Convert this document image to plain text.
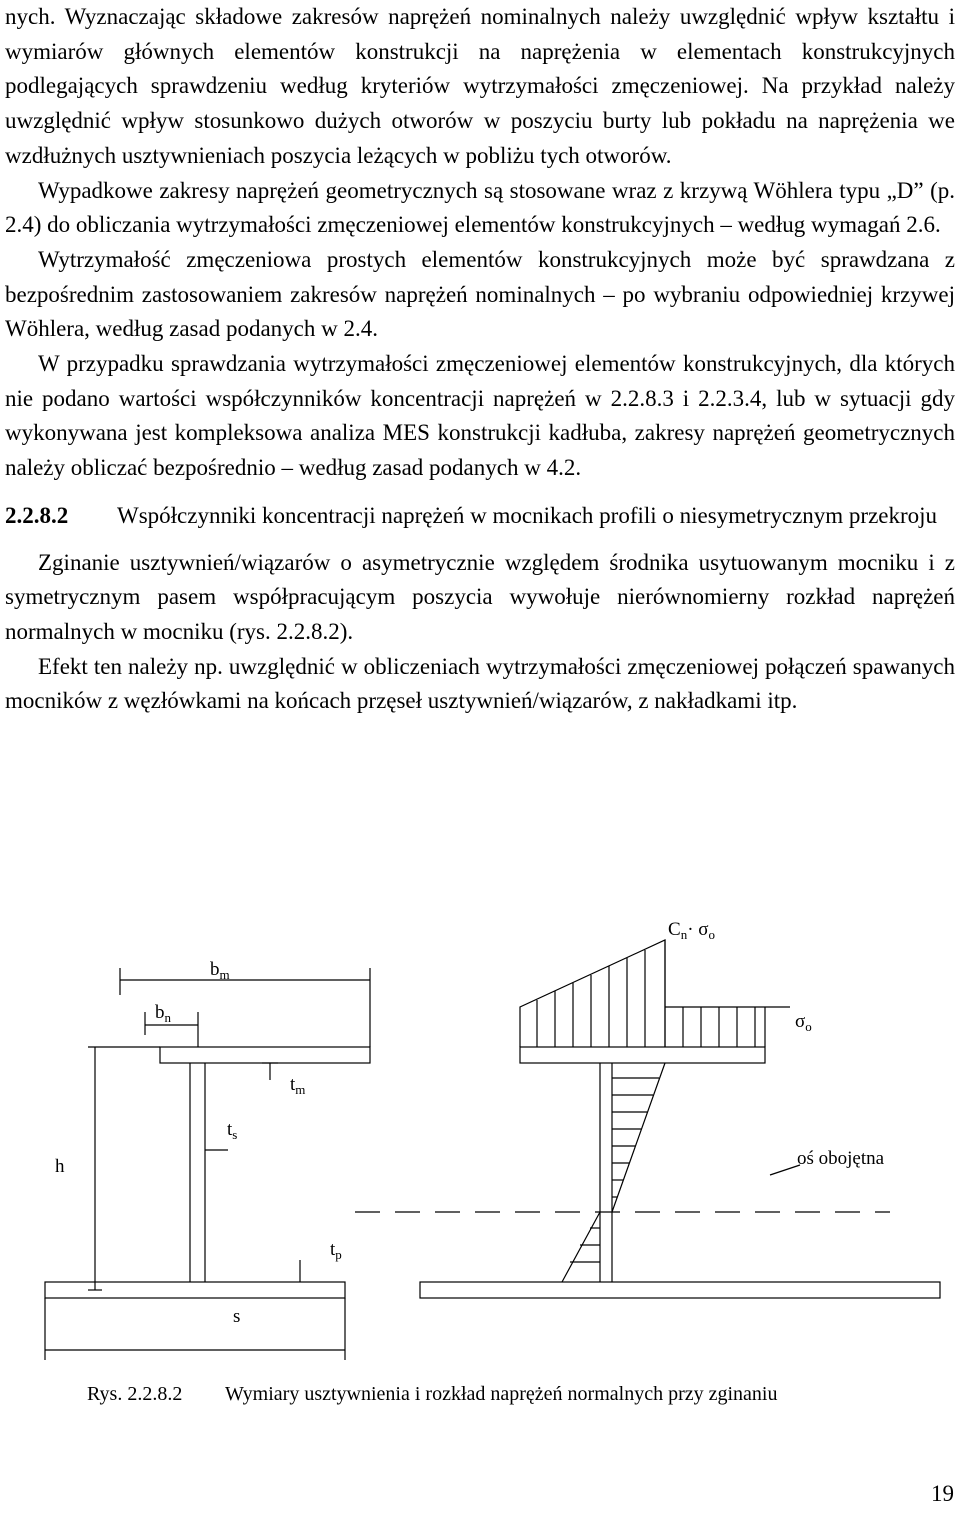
nych. Wyznaczając składowe zakresów naprężeń nominalnych należy uwzględnić wpływ kształtu i wymiarów głównych elementów konstrukcji na naprężenia w elementach konstrukcyjnych podlegających sprawdzeniu według kryteriów wytrzymałości zmęczeniowej. Na przykład należy uwzględnić wpływ stosunkowo dużych otworów w poszyciu burty lub pokładu na naprężenia we wzdłużnych usztywnieniach poszycia leżących w pobliżu tych otworów.

Wypadkowe zakresy naprężeń geometrycznych są stosowane wraz z krzywą Wöhlera typu „D” (p. 2.4) do obliczania wytrzymałości zmęczeniowej elementów konstrukcyjnych – według wymagań 2.6.

Wytrzymałość zmęczeniowa prostych elementów konstrukcyjnych może być sprawdzana z bezpośrednim zastosowaniem zakresów naprężeń nominalnych – po wybraniu odpowiedniej krzywej Wöhlera, według zasad podanych w 2.4.

W przypadku sprawdzania wytrzymałości zmęczeniowej elementów konstrukcyjnych, dla których nie podano wartości współczynników koncentracji naprężeń w 2.2.8.3 i 2.2.3.4, lub w sytuacji gdy wykonywana jest kompleksowa analiza MES konstrukcji kadłuba, zakresy naprężeń geometrycznych należy obliczać bezpośrednio – według zasad podanych w 4.2.

2.2.8.2	Współczynniki koncentracji naprężeń w mocnikach profili o niesymetrycznym przekroju

Zginanie usztywnień/wiązarów o asymetrycznie względem środnika usytuowanym mocniku i z symetrycznym pasem współpracującym poszycia wywołuje nierównomierny rozkład naprężeń normalnych w mocniku (rys. 2.2.8.2).

Efekt ten należy np. uwzględnić w obliczeniach wytrzymałości zmęczeniowej połączeń spawanych mocników z węzłówkami na końcach przęseł usztywnień/wiązarów, z nakładkami itp.

$b_m$
$b_n$
$t_m$
$t_s$
h
$t_p$
s
$C_n\cdot \sigma_o$
$\sigma_o$
oś obojętna
Rys. 2.2.8.2 Wymiary usztywnienia i rozkład naprężeń normalnych przy zginaniu
19
